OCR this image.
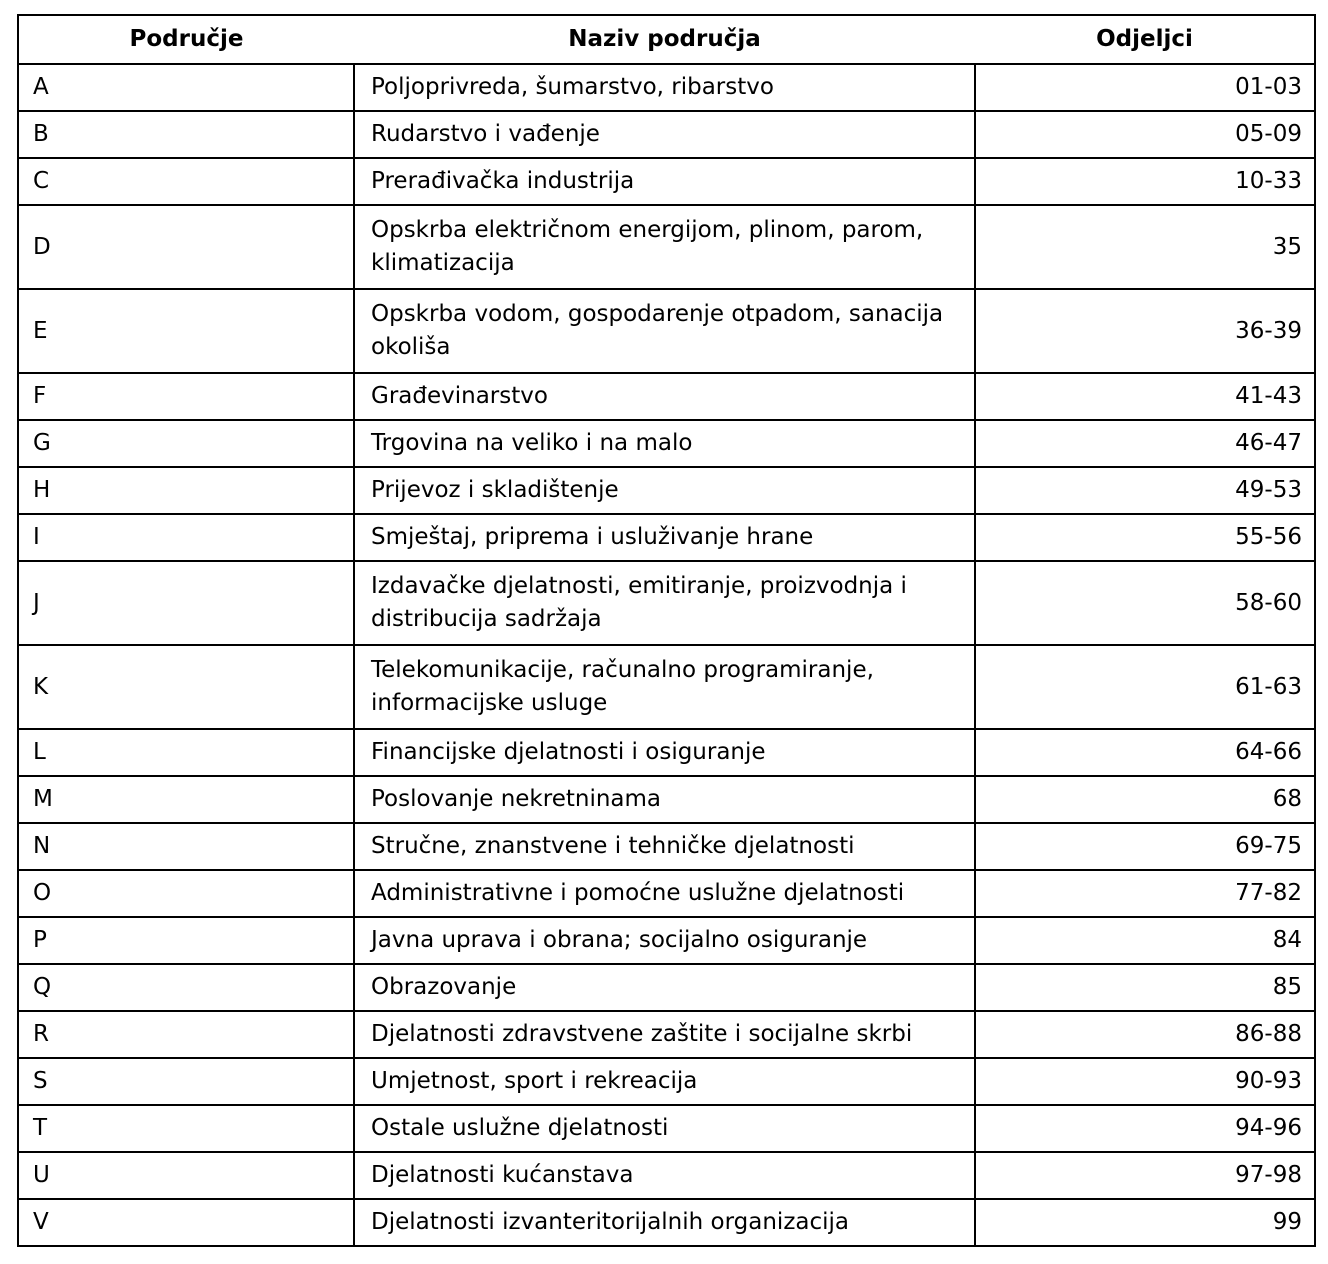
Područje	Naziv područja	Odjeljci
A	Poljoprivreda, šumarstvo, ribarstvo	01-03
B	Rudarstvo i vađenje	05-09
C	Prerađivačka industrija	10-33
D	Opskrba električnom energijom, plinom, parom, klimatizacija	35
E	Opskrba vodom, gospodarenje otpadom, sanacija okoliša	36-39
F	Građevinarstvo	41-43
G	Trgovina na veliko i na malo	46-47
H	Prijevoz i skladištenje	49-53
I	Smještaj, priprema i usluživanje hrane	55-56
J	Izdavačke djelatnosti, emitiranje, proizvodnja i distribucija sadržaja	58-60
K	Telekomunikacije, računalno programiranje, informacijske usluge	61-63
L	Financijske djelatnosti i osiguranje	64-66
M	Poslovanje nekretninama	68
N	Stručne, znanstvene i tehničke djelatnosti	69-75
O	Administrativne i pomoćne uslužne djelatnosti	77-82
P	Javna uprava i obrana; socijalno osiguranje	84
Q	Obrazovanje	85
R	Djelatnosti zdravstvene zaštite i socijalne skrbi	86-88
S	Umjetnost, sport i rekreacija	90-93
T	Ostale uslužne djelatnosti	94-96
U	Djelatnosti kućanstava	97-98
V	Djelatnosti izvanteritorijalnih organizacija	99
